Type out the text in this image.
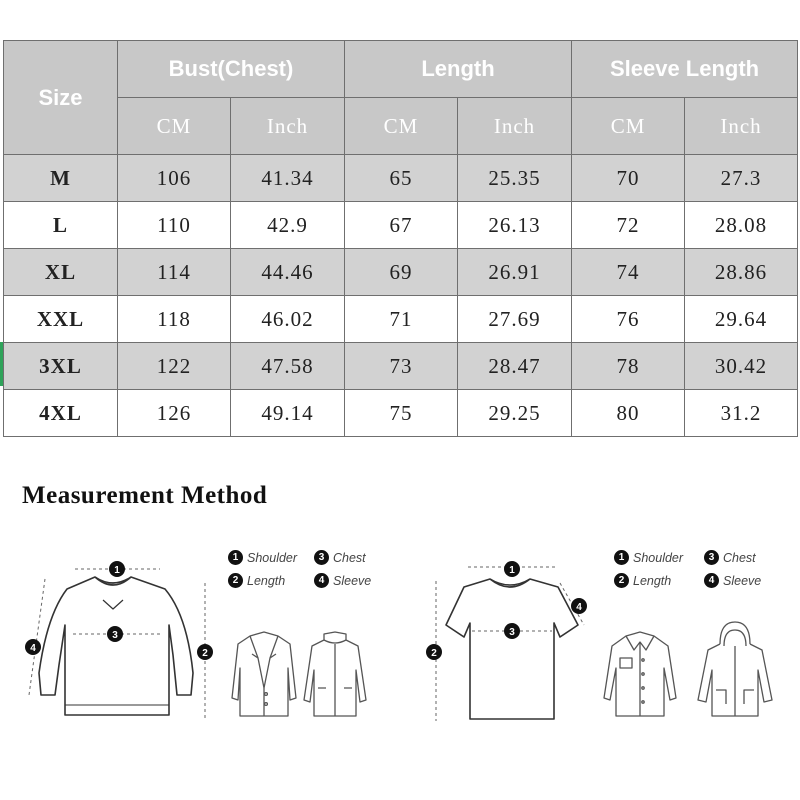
Size	Bust(Chest)		Length		Sleeve Length	
	CM	Inch	CM	Inch	CM	Inch
M	106	41.34	65	25.35	70	27.3
L	110	42.9	67	26.13	72	28.08
XL	114	44.46	69	26.91	74	28.86
XXL	118	46.02	71	27.69	76	29.64
3XL	122	47.58	73	28.47	78	30.42
4XL	126	49.14	75	29.25	80	31.2
Measurement Method
1
3
2
4
1 Shoulder	3 Chest
2 Length	4 Sleeve
1
3
2
4
1 Shoulder	3 Chest
2 Length	4 Sleeve
